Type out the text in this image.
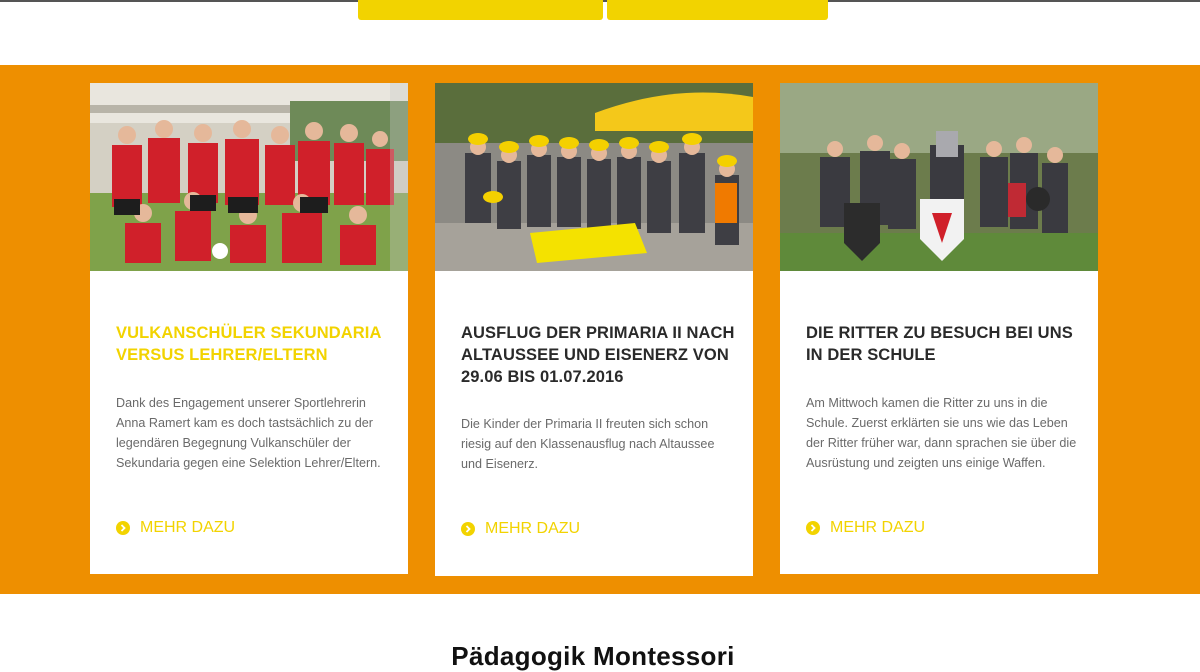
VULKANSCHÜLER SEKUNDARIA VERSUS LEHRER/ELTERN

Dank des Engagement unserer Sportlehrerin Anna Ramert kam es doch tastsächlich zu der legendären Begegnung Vulkanschüler der Sekundaria gegen eine Selektion Lehrer/Eltern.

MEHR DAZU
AUSFLUG DER PRIMARIA II NACH ALTAUSSEE UND EISENERZ VON 29.06 BIS 01.07.2016

Die Kinder der Primaria II freuten sich schon riesig auf den Klassenausflug nach Altaussee und Eisenerz.

MEHR DAZU
DIE RITTER ZU BESUCH BEI UNS IN DER SCHULE

Am Mittwoch kamen die Ritter zu uns in die Schule. Zuerst erklärten sie uns wie das Leben der Ritter früher war, dann sprachen sie über die Ausrüstung und zeigten uns einige Waffen.

MEHR DAZU
Pädagogik Montessori
